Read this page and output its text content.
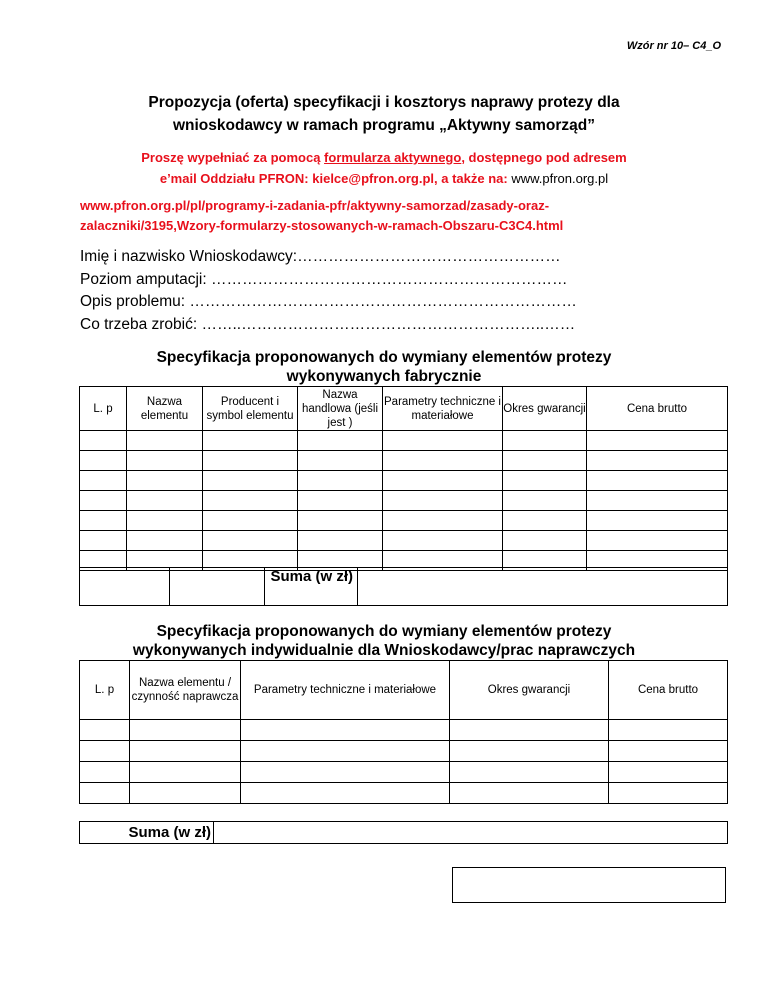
Wzór nr 10– C4_O
Propozycja (oferta) specyfikacji i kosztorys naprawy protezy dla
wnioskodawcy w ramach programu „Aktywny samorząd”
Proszę wypełniać za pomocą formularza aktywnego, dostępnego pod adresem
e’mail Oddziału PFRON: kielce@pfron.org.pl, a także na: www.pfron.org.pl
www.pfron.org.pl/pl/programy-i-zadania-pfr/aktywny-samorzad/zasady-oraz-
zalaczniki/3195,Wzory-formularzy-stosowanych-w-ramach-Obszaru-C3C4.html
Imię i nazwisko Wnioskodawcy:……………………………………………
Poziom amputacji: ……………………………………………………………
Opis problemu: …………………………………………………………………
Co trzeba zrobić: ……..…………………………………………………..……
Specyfikacja proponowanych do wymiany elementów protezy
wykonywanych fabrycznie
L. p	Nazwa elementu	Producent i symbol elementu	Nazwa handlowa (jeśli jest )	Parametry techniczne i materiałowe	Okres gwarancji	Cena brutto

		Suma (w zł)	
Specyfikacja proponowanych do wymiany elementów protezy
wykonywanych indywidualnie dla Wnioskodawcy/prac naprawczych
L. p	Nazwa elementu / czynność naprawcza	Parametry techniczne i materiałowe	Okres gwarancji	Cena brutto

Suma (w zł)	
